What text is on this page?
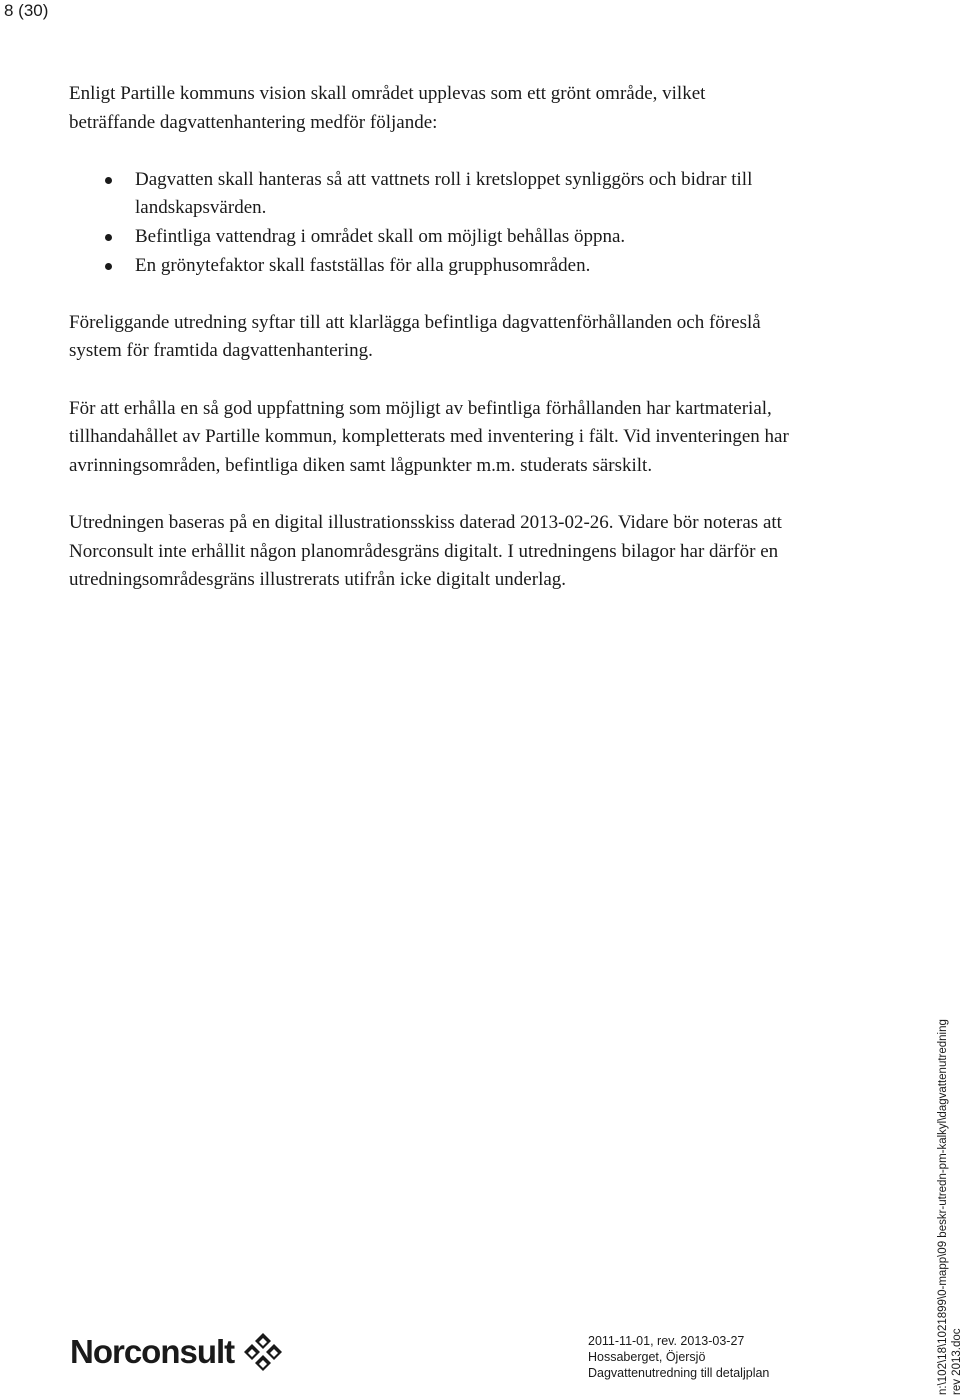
8 (30)

Enligt Partille kommuns vision skall området upplevas som ett grönt område, vilket beträffande dagvattenhantering medför följande:

Dagvatten skall hanteras så att vattnets roll i kretsloppet synliggörs och bidrar till landskapsvärden.
Befintliga vattendrag i området skall om möjligt behållas öppna.
En grönytefaktor skall fastställas för alla grupphusområden.

Föreliggande utredning syftar till att klarlägga befintliga dagvattenförhållanden och föreslå system för framtida dagvattenhantering.

För att erhålla en så god uppfattning som möjligt av befintliga förhållanden har kartmaterial, tillhandahållet av Partille kommun, kompletterats med inventering i fält. Vid inventeringen har avrinningsområden, befintliga diken samt lågpunkter m.m. studerats särskilt.

Utredningen baseras på en digital illustrationsskiss daterad 2013-02-26. Vidare bör noteras att Norconsult inte erhållit någon planområdesgräns digitalt. I utredningens bilagor har därför en utredningsområdesgräns illustrerats utifrån icke digitalt underlag.

Norconsult	2011-11-01, rev. 2013-03-27
Hossaberget, Öjersjö
Dagvattenutredning till detaljplan	n:\102\18\1021899\0-mapp\09 beskr-utredn-pm-kalkyl\dagvattenutredning rev 2013.doc
